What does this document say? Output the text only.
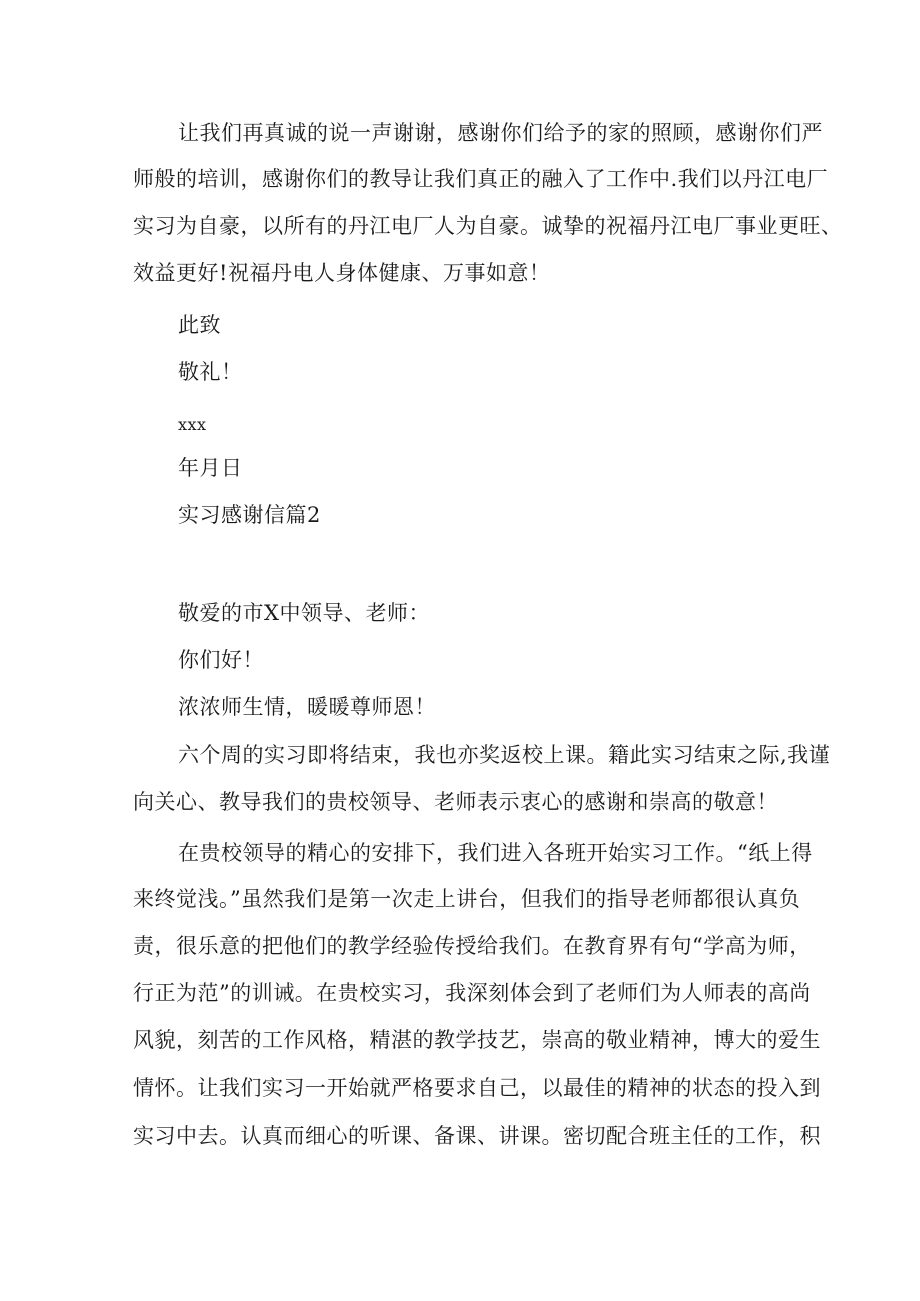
让我们再真诚的说一声谢谢，感谢你们给予的家的照顾，感谢你们严
师般的培训，感谢你们的教导让我们真正的融入了工作中.我们以丹江电厂
实习为自豪，以所有的丹江电厂人为自豪。诚挚的祝福丹江电厂事业更旺、
效益更好!祝福丹电人身体健康、万事如意！
此致
敬礼！
xxx
年月日
实习感谢信篇2
敬爱的市X中领导、老师：
你们好！
浓浓师生情，暖暖尊师恩！
六个周的实习即将结束，我也亦奖返校上课。籍此实习结束之际,我谨
向关心、教导我们的贵校领导、老师表示衷心的感谢和崇高的敬意！
在贵校领导的精心的安排下，我们进入各班开始实习工作。“纸上得
来终觉浅。”虽然我们是第一次走上讲台，但我们的指导老师都很认真负
责，很乐意的把他们的教学经验传授给我们。在教育界有句“学高为师，
行正为范”的训诫。在贵校实习，我深刻体会到了老师们为人师表的高尚
风貌，刻苦的工作风格，精湛的教学技艺，崇高的敬业精神，博大的爱生
情怀。让我们实习一开始就严格要求自己，以最佳的精神的状态的投入到
实习中去。认真而细心的听课、备课、讲课。密切配合班主任的工作，积
